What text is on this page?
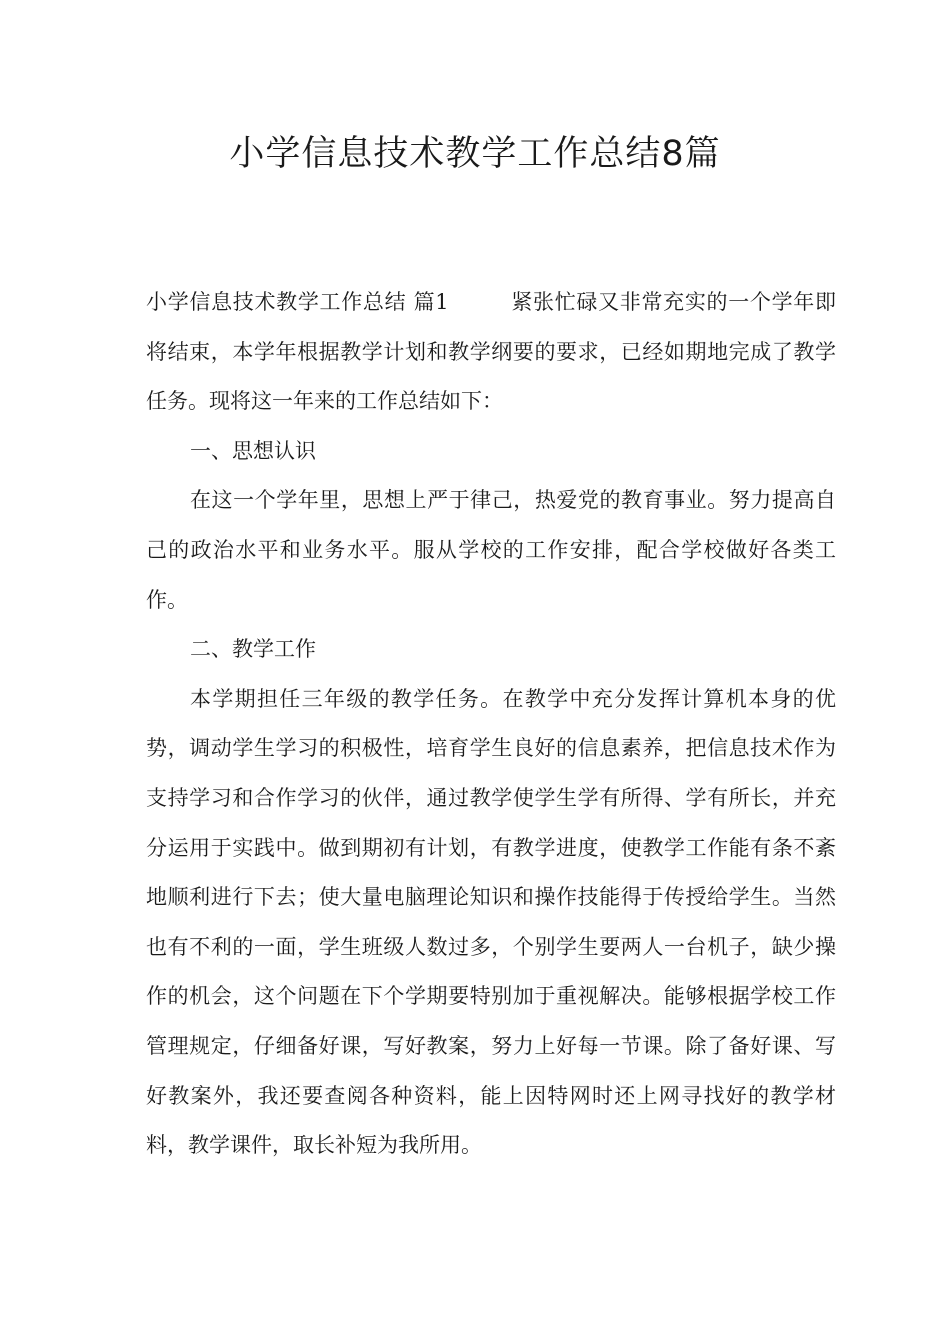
小学信息技术教学工作总结8篇

小学信息技术教学工作总结 篇1	紧张忙碌又非常充实的一个学年即将结束，本学年根据教学计划和教学纲要的要求，已经如期地完成了教学任务。现将这一年来的工作总结如下：

一、思想认识

在这一个学年里，思想上严于律己，热爱党的教育事业。努力提高自己的政治水平和业务水平。服从学校的工作安排，配合学校做好各类工作。

二、教学工作

本学期担任三年级的教学任务。在教学中充分发挥计算机本身的优势，调动学生学习的积极性，培育学生良好的信息素养，把信息技术作为支持学习和合作学习的伙伴，通过教学使学生学有所得、学有所长，并充分运用于实践中。做到期初有计划，有教学进度，使教学工作能有条不紊地顺利进行下去；使大量电脑理论知识和操作技能得于传授给学生。当然也有不利的一面，学生班级人数过多，个别学生要两人一台机子，缺少操作的机会，这个问题在下个学期要特别加于重视解决。能够根据学校工作管理规定，仔细备好课，写好教案，努力上好每一节课。除了备好课、写好教案外，我还要查阅各种资料，能上因特网时还上网寻找好的教学材料，教学课件，取长补短为我所用。
